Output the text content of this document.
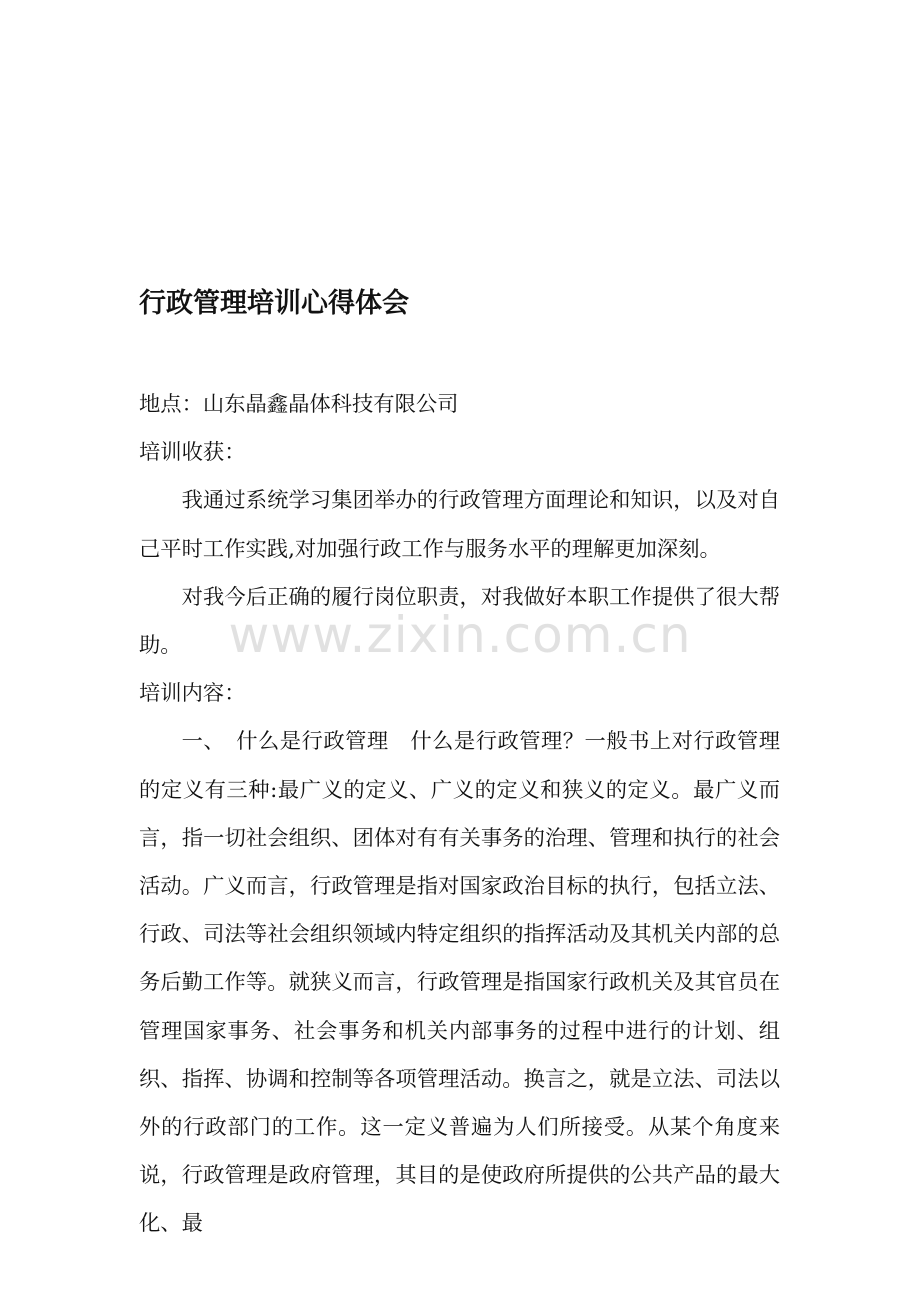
行政管理培训心得体会

地点：山东晶鑫晶体科技有限公司

培训收获：

我通过系统学习集团举办的行政管理方面理论和知识，以及对自己平时工作实践,对加强行政工作与服务水平的理解更加深刻。

对我今后正确的履行岗位职责，对我做好本职工作提供了很大帮助。

培训内容：

一、　什么是行政管理　什么是行政管理？一般书上对行政管理的定义有三种:最广义的定义、广义的定义和狭义的定义。最广义而言，指一切社会组织、团体对有有关事务的治理、管理和执行的社会活动。广义而言，行政管理是指对国家政治目标的执行，包括立法、行政、司法等社会组织领域内特定组织的指挥活动及其机关内部的总务后勤工作等。就狭义而言，行政管理是指国家行政机关及其官员在管理国家事务、社会事务和机关内部事务的过程中进行的计划、组织、指挥、协调和控制等各项管理活动。换言之，就是立法、司法以外的行政部门的工作。这一定义普遍为人们所接受。从某个角度来说，行政管理是政府管理，其目的是使政府所提供的公共产品的最大化、最

www.zixin.com.cn
